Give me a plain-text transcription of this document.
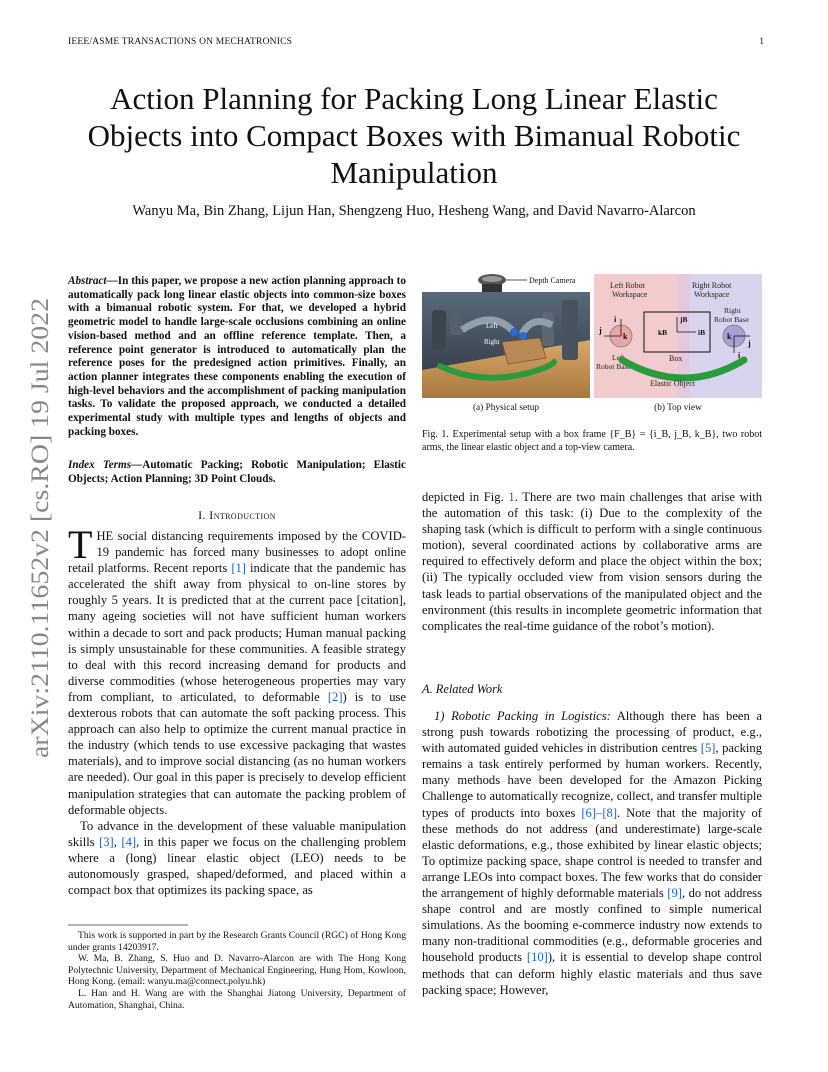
IEEE/ASME TRANSACTIONS ON MECHATRONICS	1
arXiv:2110.11652v2 [cs.RO] 19 Jul 2022
Action Planning for Packing Long Linear Elastic Objects into Compact Boxes with Bimanual Robotic Manipulation
Wanyu Ma, Bin Zhang, Lijun Han, Shengzeng Huo, Hesheng Wang, and David Navarro-Alarcon
Abstract—In this paper, we propose a new action planning approach to automatically pack long linear elastic objects into common-size boxes with a bimanual robotic system. For that, we developed a hybrid geometric model to handle large-scale occlusions combining an online vision-based method and an offline reference template. Then, a reference point generator is introduced to automatically plan the reference poses for the predesigned action primitives. Finally, an action planner integrates these components enabling the execution of high-level behaviors and the accomplishment of packing manipulation tasks. To validate the proposed approach, we conducted a detailed experimental study with multiple types and lengths of objects and packing boxes.
Index Terms—Automatic Packing; Robotic Manipulation; Elastic Objects; Action Planning; 3D Point Clouds.
I. Introduction

THE social distancing requirements imposed by the COVID-19 pandemic has forced many businesses to adopt online retail platforms. Recent reports [1] indicate that the pandemic has accelerated the shift away from physical to on-line stores by roughly 5 years. It is predicted that at the current pace [citation], many ageing societies will not have sufficient human workers within a decade to sort and pack products; Human manual packing is simply unsustainable for these communities. A feasible strategy to deal with this record increasing demand for products and diverse commodities (whose heterogeneous properties may vary from compliant, to articulated, to deformable [2]) is to use dexterous robots that can automate the soft packing process. This approach can also help to optimize the current manual practice in the industry (which tends to use excessive packaging that wastes materials), and to improve social distancing (as no human workers are needed). Our goal in this paper is precisely to develop efficient manipulation strategies that can automate the packing problem of deformable objects.

To advance in the development of these valuable manipulation skills [3], [4], in this paper we focus on the challenging problem where a (long) linear elastic object (LEO) needs to be autonomously grasped, shaped/deformed, and placed within a compact box that optimizes its packing space, as

This work is supported in part by the Research Grants Council (RGC) of Hong Kong under grants 14203917.

W. Ma, B. Zhang, S. Huo and D. Navarro-Alarcon are with The Hong Kong Polytechnic University, Department of Mechanical Engineering, Hung Hom, Kowloon, Hong Kong. (email: wanyu.ma@connect.polyu.hk)

L. Han and H. Wang are with the Shanghai Jiatong University, Department of Automation, Shanghai, China.

Depth Camera
Left
Right
Left Robot
Workspace
Right Robot
Workspace
Right
Robot Base
k
i
j
Left
Robot Base
k
j
i
jB
kB	iB
Box
Elastic Object
(a) Physical setup	(b) Top view
Fig. 1. Experimental setup with a box frame {F_B} = {i_B, j_B, k_B}, two robot arms, the linear elastic object and a top-view camera.

depicted in Fig. 1. There are two main challenges that arise with the automation of this task: (i) Due to the complexity of the shaping task (which is difficult to perform with a single continuous motion), several coordinated actions by collaborative arms are required to effectively deform and place the object within the box; (ii) The typically occluded view from vision sensors during the task leads to partial observations of the manipulated object and the environment (this results in incomplete geometric information that complicates the real-time guidance of the robot’s motion).

A. Related Work

1) Robotic Packing in Logistics: Although there has been a strong push towards robotizing the processing of product, e.g., with automated guided vehicles in distribution centres [5], packing remains a task entirely performed by human workers. Recently, many methods have been developed for the Amazon Picking Challenge to automatically recognize, collect, and transfer multiple types of products into boxes [6]–[8]. Note that the majority of these methods do not address (and underestimate) large-scale elastic deformations, e.g., those exhibited by linear elastic objects; To optimize packing space, shape control is needed to transfer and arrange LEOs into compact boxes. The few works that do consider the arrangement of highly deformable materials [9], do not address shape control and are mostly confined to simple numerical simulations. As the booming e-commerce industry now extends to many non-traditional commodities (e.g., deformable groceries and household products [10]), it is essential to develop shape control methods that can deform highly elastic materials and thus save packing space; However,
